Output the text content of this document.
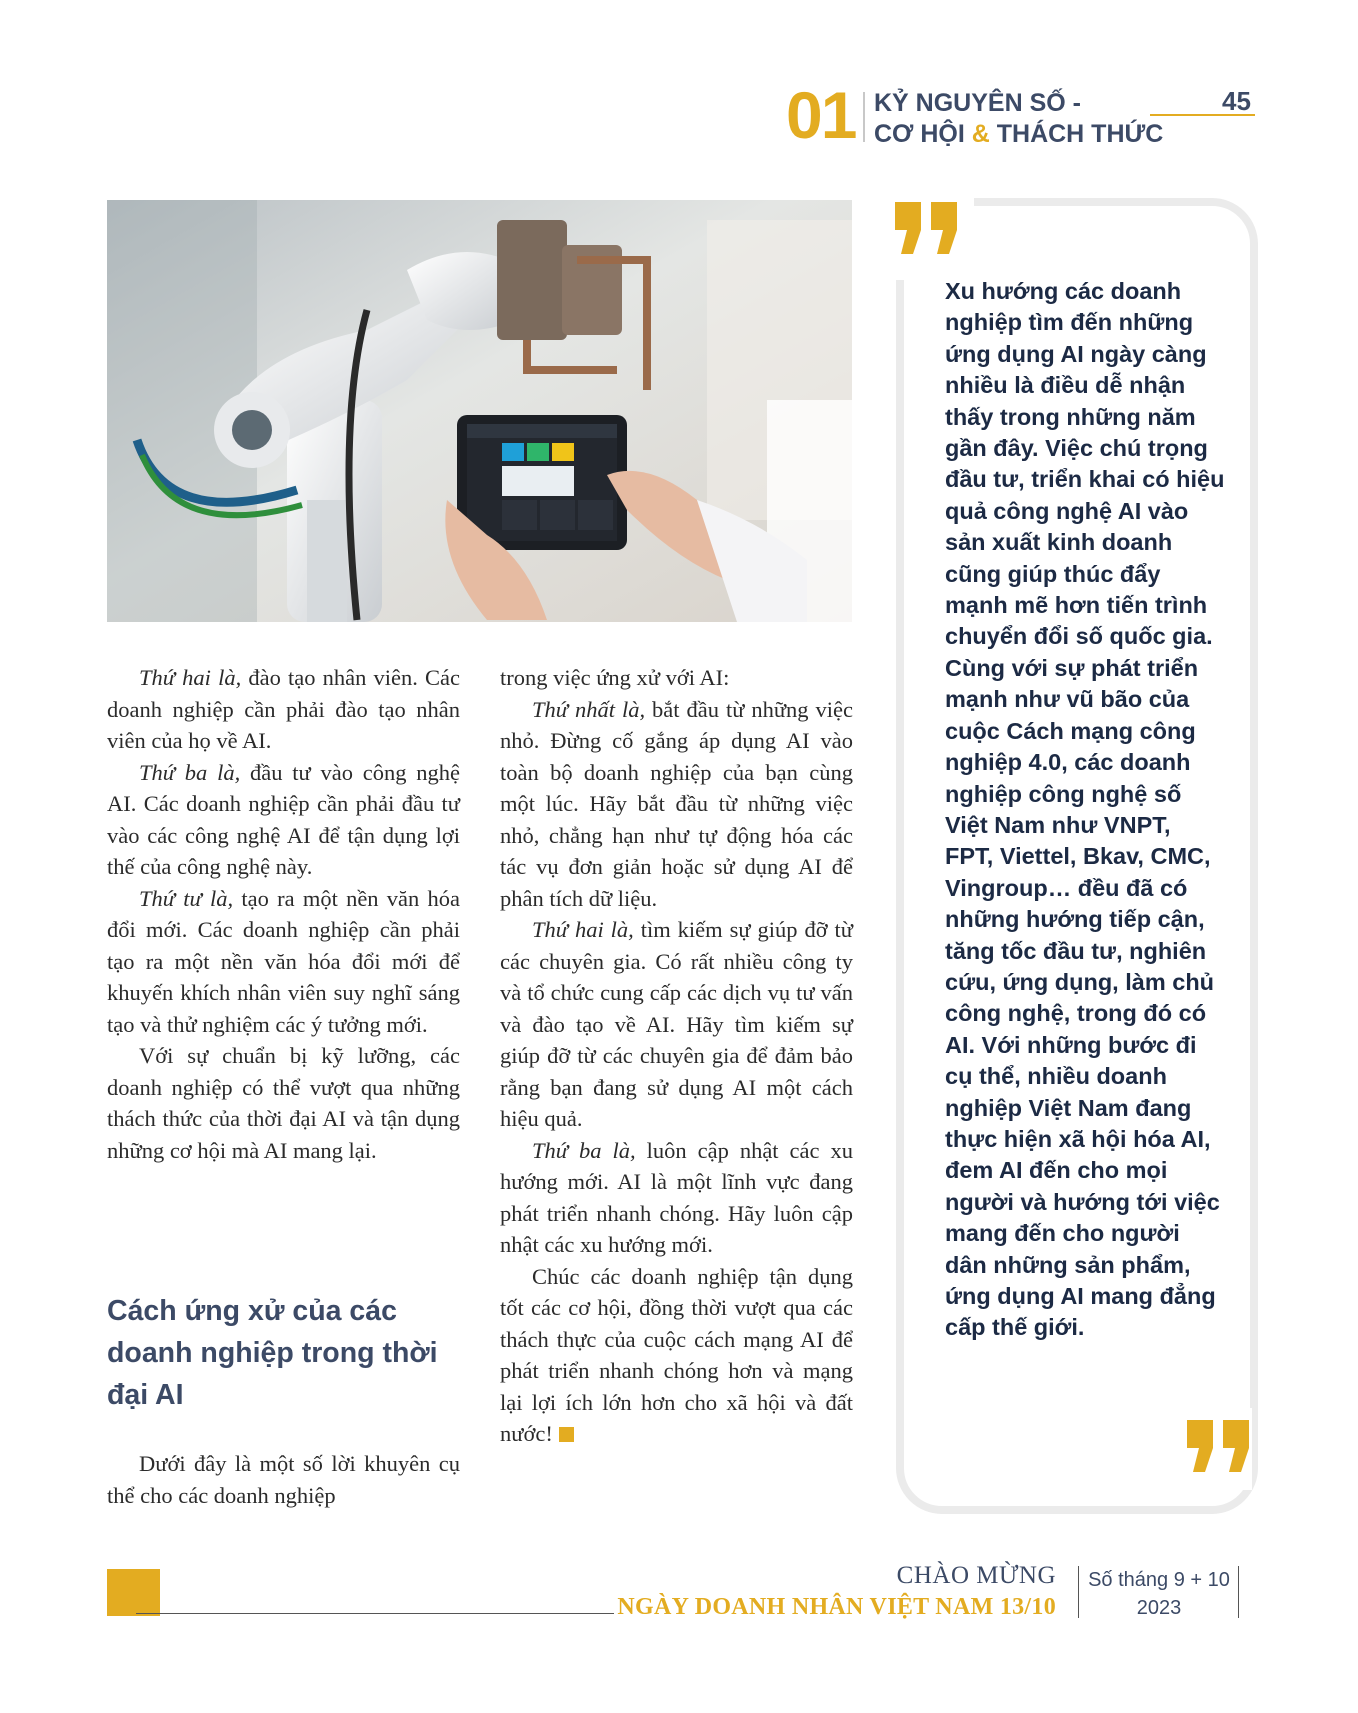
01 KỶ NGUYÊN SỐ -
CƠ HỘI & THÁCH THỨC
45

Thứ hai là, đào tạo nhân viên. Các doanh nghiệp cần phải đào tạo nhân viên của họ về AI.

Thứ ba là, đầu tư vào công nghệ AI. Các doanh nghiệp cần phải đầu tư vào các công nghệ AI để tận dụng lợi thế của công nghệ này.

Thứ tư là, tạo ra một nền văn hóa đổi mới. Các doanh nghiệp cần phải tạo ra một nền văn hóa đổi mới để khuyến khích nhân viên suy nghĩ sáng tạo và thử nghiệm các ý tưởng mới.

Với sự chuẩn bị kỹ lưỡng, các doanh nghiệp có thể vượt qua những thách thức của thời đại AI và tận dụng những cơ hội mà AI mang lại.

Cách ứng xử của các doanh nghiệp trong thời đại AI

Dưới đây là một số lời khuyên cụ thể cho các doanh nghiệp

trong việc ứng xử với AI:

Thứ nhất là, bắt đầu từ những việc nhỏ. Đừng cố gắng áp dụng AI vào toàn bộ doanh nghiệp của bạn cùng một lúc. Hãy bắt đầu từ những việc nhỏ, chẳng hạn như tự động hóa các tác vụ đơn giản hoặc sử dụng AI để phân tích dữ liệu.

Thứ hai là, tìm kiếm sự giúp đỡ từ các chuyên gia. Có rất nhiều công ty và tổ chức cung cấp các dịch vụ tư vấn và đào tạo về AI. Hãy tìm kiếm sự giúp đỡ từ các chuyên gia để đảm bảo rằng bạn đang sử dụng AI một cách hiệu quả.

Thứ ba là, luôn cập nhật các xu hướng mới. AI là một lĩnh vực đang phát triển nhanh chóng. Hãy luôn cập nhật các xu hướng mới.

Chúc các doanh nghiệp tận dụng tốt các cơ hội, đồng thời vượt qua các thách thực của cuộc cách mạng AI để phát triển nhanh chóng hơn và mạng lại lợi ích lớn hơn cho xã hội và đất nước!

Xu hướng các doanh nghiệp tìm đến những ứng dụng AI ngày càng nhiều là điều dễ nhận thấy trong những năm gần đây. Việc chú trọng đầu tư, triển khai có hiệu quả công nghệ AI vào sản xuất kinh doanh cũng giúp thúc đẩy mạnh mẽ hơn tiến trình chuyển đổi số quốc gia.

Cùng với sự phát triển mạnh như vũ bão của cuộc Cách mạng công nghiệp 4.0, các doanh nghiệp công nghệ số Việt Nam như VNPT, FPT, Viettel, Bkav, CMC, Vingroup… đều đã có những hướng tiếp cận, tăng tốc đầu tư, nghiên cứu, ứng dụng, làm chủ công nghệ, trong đó có AI. Với những bước đi cụ thể, nhiều doanh nghiệp Việt Nam đang thực hiện xã hội hóa AI, đem AI đến cho mọi người và hướng tới việc mang đến cho người dân những sản phẩm, ứng dụng AI mang đẳng cấp thế giới.

CHÀO MỪNG
NGÀY DOANH NHÂN VIỆT NAM 13/10
Số tháng 9 + 10
2023
